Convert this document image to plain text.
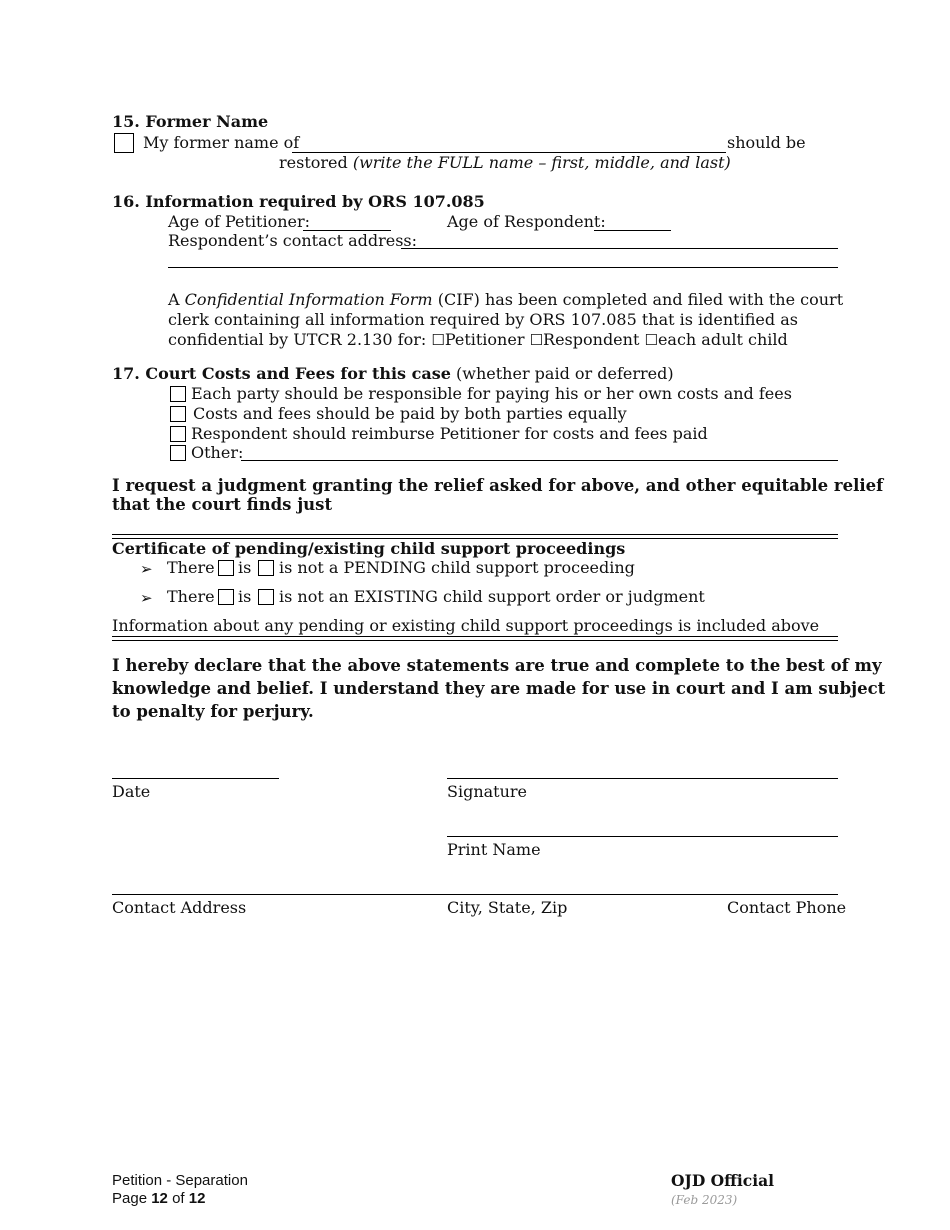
15. Former Name
My former name of	should be
restored (write the FULL name – first, middle, and last)
16. Information required by ORS 107.085
Age of Petitioner:	Age of Respondent:
Respondent’s contact address:
A Confidential Information Form (CIF) has been completed and filed with the court
clerk containing all information required by ORS 107.085 that is identified as
confidential by UTCR 2.130 for: ☐Petitioner ☐Respondent ☐each adult child
17. Court Costs and Fees for this case (whether paid or deferred)
Each party should be responsible for paying his or her own costs and fees
Costs and fees should be paid by both parties equally
Respondent should reimburse Petitioner for costs and fees paid
Other:
I request a judgment granting the relief asked for above, and other equitable relief
that the court finds just
Certificate of pending/existing child support proceedings
➢ There is is not a PENDING child support proceeding
➢ There is is not an EXISTING child support order or judgment
Information about any pending or existing child support proceedings is included above
I hereby declare that the above statements are true and complete to the best of my
knowledge and belief. I understand they are made for use in court and I am subject
to penalty for perjury.
Date	Signature
Print Name
Contact Address	City, State, Zip	Contact Phone
Petition - Separation
Page 12 of 12
OJD Official
(Feb 2023)
